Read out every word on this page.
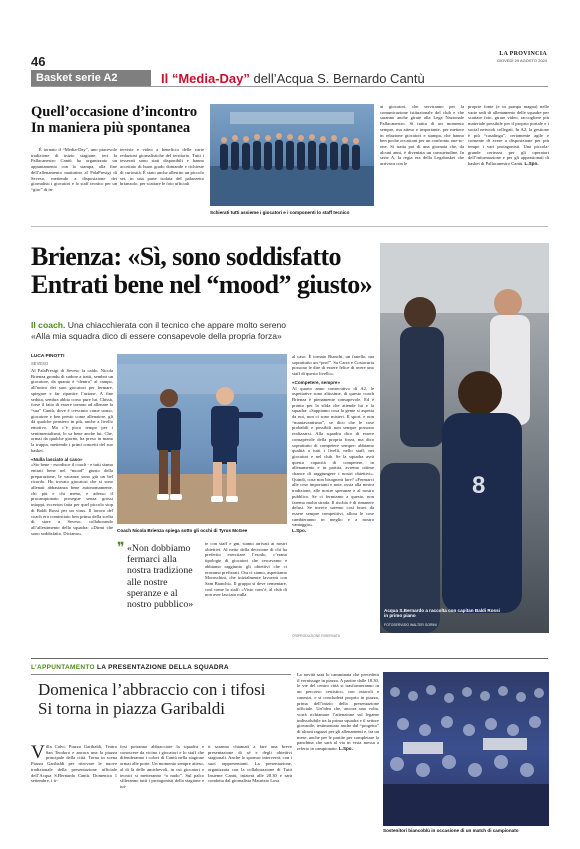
46	LA PROVINCIA
GIOVEDÌ 29 AGOSTO 2024
Basket serie A2	Il “Media-Day” dell’Acqua S. Bernardo Cantù
Quell’occasione d’incontro
In maniera più spontanea
È tornato il “Media-Day”, uno piacevole tradizione di inizio stagione, ieri la Pallacanestro Cantù ha organizzato un appuntamento con la stampa, alla fine dell’allenamento mattutino al PalaPresigi di Seveso, mettendo a disposizione dei giornalisti i giocatori e lo staff tecnico per un “giro” di in-
terviste e video a beneficio delle varie redazioni giornalistiche del territorio. Tutti i tesserati sono stati disponibili e hanno accettato di buon grado domande e richieste di curiosità. È stato anche allestito un piccolo set, in una parte isolata del palazzetto brianzolo, per scattare le foto ufficiali
Schierati tutti assieme i giocatori e i componenti lo staff tecnico
ai giocatori, che serviranno per la comunicazione istituzionale del club e che saranno anche girate alla Lega Nazionale Pallacanestro. Si tratta di un momento sempre, ma atteso e importante, per mettere in relazione giocatori e stampa, che hanno ben poche occasioni per un confronto one-to-one. Si tratta poi di una giornata che, da alcuni anni, è diventata un consuetudine. In serie A, la regia era della Legabasket che arrivava con le
proprie fonte (e in pompa magna) nelle varie sedi di allenamento delle squadre per scattare foto, girare video, raccogliere più materiale possibile per il proprio portale e i social network collegati. In A2, la gestione è più “casalinga”, certamente agile e consente di avere a disposizione per più tempo i vari protagonisti. Una piccola-grande certezza per gli operatori dell’informazione e per gli appassionati di basket di Pallacanestro Cantù. L.Spo.
Brienza: «Sì, sono soddisfatto
Entrati bene nel “mood” giusto»
Il coach. Una chiacchierata con il tecnico che appare molto sereno
«Alla mia squadra dico di essere consapevole della propria forza»
LUCA PINOTTI
SEVESO

Al PalaPresigi di Seveso fa caldo. Nicola Brienza grondu di sudore a tratti, sembra un giocatore, da quanto è “dentro” al campo, all’unico dei suoi giocatori per fermare, spiegare e far ripartire l’azione. A fine seduta, sembra abbia corso pure lui. Chissà, forse il fatto di essere tornato ad allenare la “sua” Cantù, dove è cresciuto come uomo, giocatore e ben presto come allenatore, gli dà qualche pensiero in più, anche a livello emotivo. Ma c’è poco tempo per i sentimentalismi, lo sa bene anche lui. Che, ormai da qualche giorno, ha preso in mano la truppa, mettendo i primi concetti del suo basket.

«Nulla lasciato al caso»

«Sto bene - esordisce il coach - e tutti siamo entrati bene nel “mood” giusto della preparazione, le vacanze sono già un bel ricordo. Ho trovato giocatori che si sono allenati abbastanza bene autonomamente, chi più e chi meno, e adesso il procampionato prosegue senza grossi intoppi, eccezion fatta per quel piccolo stop di Baldi Rossi per un virus. Il lavoro del coach era cominciato ben prima della scelta di stare a Seveso, collaborando all’allestimento della squadra: «Dirmi che sono soddisfatto. Diciamo».

Coach Nicola Brienza spiega sotto gli occhi di Tyrus McGee
❞ «Non dobbiamo fermarci alla nostra tradizione alle nostre speranze e al nostro pubblico»
te con staff e gm, siamo arrivati ai nostri obiettivi. Al netto della decisione di chi ha preferito esercitare l’esodo, c’erano tipologie di giocatori che cercavamo e abbiamo raggiunto gli obiettivi che ci eravamo prefissati. Ora ci siamo, aspettiamo Moraschini, che inizialmente lavorerà con Sam Bianchi». Il gruppo si deve cementare, così come lo staff: «Visto com’è, al club di non aver lasciato nulla

al caso. È tornato Bianchi, un fratello, ma soprattutto un “prof”. Sa Carra e Costacurta possono le dire di essere felice di avere uno staff di questo livello».

«Competere, sempre»

Al quarto anno consecutivo di A2, le aspettative sono altissime, di questo coach Brienza è pienamente consapevole. Ed è pronto per la sfida che attende lui e la squadra: «Sappiamo cosa la gente si aspetta da noi, non ci sono misteri. Il sport, e non “maniavantismo”, se dico che le cose probabili e possibili non sempre possono realizzarsi. Alla squadra dico di essere consapevole della propria forza, ma dico soprattutto di competere sempre: abbiamo qualità a tutti i livelli, nello staff, nei giocatori e nel club. Se la squadra avrà questa capacità di competere, in allenamento e in partita, avremo ottime chance di raggiungere i nostri obiettivi». Quindi, cosa non bisognerà fare? «Fermarci alle cose importanti e note, ossia alla nostra tradizione, alle nostre speranze e al nostro pubblico. Se ci fermiamo a questo, non faremo molta strada. Il rischio è di rimanere delusi. Se invece saremo così bravi da essere sempre competitivi, allora le cose cambieranno in meglio e a nostro vantaggio».

L.Spo.
©RIPRODUZIONE RISERVATA
8
Acqua S.Bernardo a raccolta con capitan Baldi Rossi in primo piano
FOTOSERVIZIO WALTER GORINI
L’APPUNTAMENTO LA PRESENTAZIONE DELLA SQUADRA
Domenica l’abbraccio con i tifosi
Si torna in piazza Garibaldi
V illa Calvi, Piazza Garibaldi, Teatro San Teodoro e ancora una la piazza principale della città. Torna in scena Piazza Garibaldi per ritrovare le nuove tradizionale della presentazione ufficiale dell’Acqua S.Bernardo Cantù. Domenica 1 settembre, i ti-
fosi potranno abbracciare la squadra e conoscere da vicino i giocatori e lo staff che difenderanno i colori di Cantù nella stagione ormai alle porte. Un momento sempre atteso, al di là delle amichevoli, in cui giocatori e tecnici si metteranno “a nudo”. Sul palco sfileranno tutti i protagonisti della stagione e tut-
ti saranno chiamati a fare una breve presentazione di sé e degli obiettivi stagionali. Anche lo sponsor interverrà, con i suoi rappresentanti. La presentazione, organizzata con la collaborazione di Tutti Insieme Cantù, inizierà alle 20.30 e sarà condotta dal giornalista Maurizio Losa.
La novità sarà lo camminata che precederà il vernissage in piazza. A partire dalle 18.30, le vie del centro città si trasformeranno in un percorso cestistico, con ostacoli e canestri, e si concluderà proprio in piazza, prima dell’inizio della presentazione ufficiale. Un’idea che, ancora una volta, vorrà richiamare l’attenzione sul legame indissolubile tra la prima squadra e il settore giovanile, testimoniato anche dal “progetto” di alcuni ragazzi per gli allenamenti e, tra un mese, anche per le partite per completare la panchina che sarà al via in vista messa a referto in campionato. L.Spo.
Sostenitori biancoblù in occasione di un match di campionato
